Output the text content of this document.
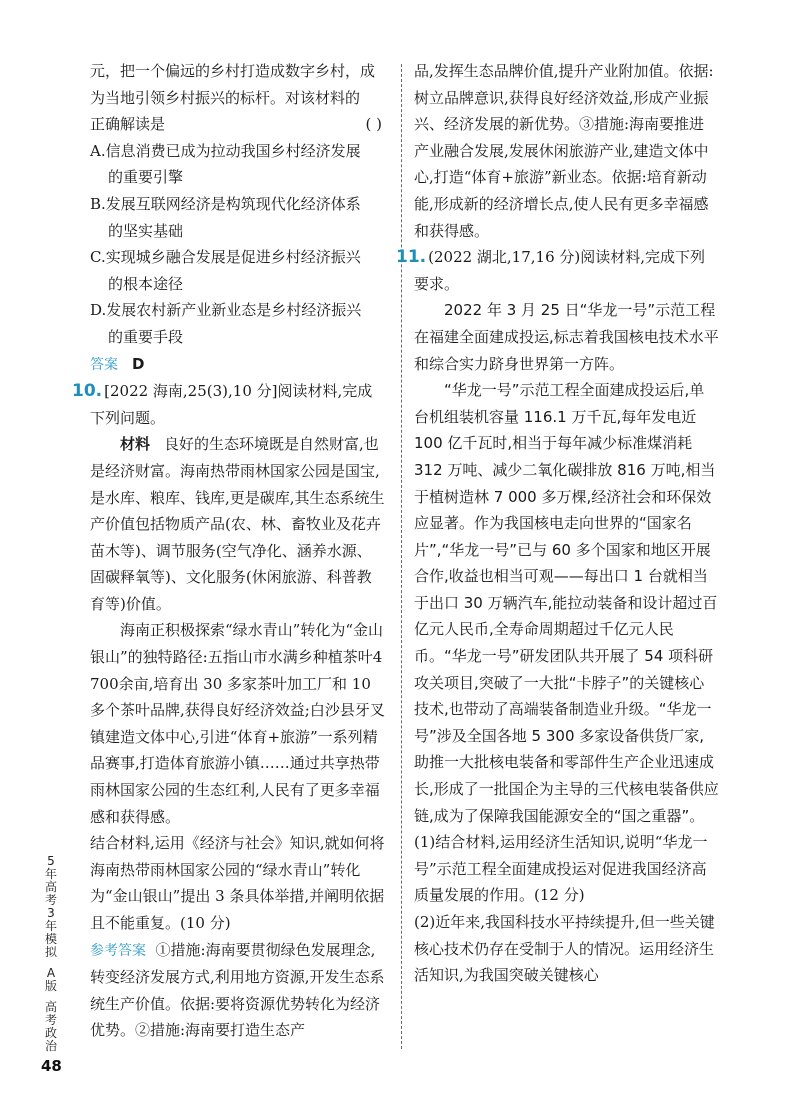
元，把一个偏远的乡村打造成数字乡村，成

为当地引领乡村振兴的标杆。对该材料的

正确解读是	( )

A.信息消费已成为拉动我国乡村经济发展
的重要引擎

B.发展互联网经济是构筑现代化经济体系
的坚实基础

C.实现城乡融合发展是促进乡村经济振兴
的根本途径

D.发展农村新产业新业态是乡村经济振兴
的重要手段

答案 D

10. [2022 海南,25(3),10 分]阅读材料,完成下列问题。

材料 良好的生态环境既是自然财富,也是经济财富。海南热带雨林国家公园是国宝,是水库、粮库、钱库,更是碳库,其生态系统生产价值包括物质产品(农、林、畜牧业及花卉苗木等)、调节服务(空气净化、涵养水源、固碳释氧等)、文化服务(休闲旅游、科普教育等)价值。

海南正积极探索“绿水青山”转化为“金山银山”的独特路径:五指山市水满乡种植茶叶4 700余亩,培育出 30 多家茶叶加工厂和 10 多个茶叶品牌,获得良好经济效益;白沙县牙叉镇建造文体中心,引进“体育+旅游”一系列精品赛事,打造体育旅游小镇……通过共享热带雨林国家公园的生态红利,人民有了更多幸福感和获得感。

结合材料,运用《经济与社会》知识,就如何将海南热带雨林国家公园的“绿水青山”转化为“金山银山”提出 3 条具体举措,并阐明依据且不能重复。(10 分)

参考答案 ①措施:海南要贯彻绿色发展理念,转变经济发展方式,利用地方资源,开发生态系统生产价值。依据:要将资源优势转化为经济优势。②措施:海南要打造生态产

品,发挥生态品牌价值,提升产业附加值。依据:树立品牌意识,获得良好经济效益,形成产业振兴、经济发展的新优势。③措施:海南要推进产业融合发展,发展休闲旅游产业,建造文体中心,打造“体育+旅游”新业态。依据:培育新动能,形成新的经济增长点,使人民有更多幸福感和获得感。

11. (2022 湖北,17,16 分)阅读材料,完成下列要求。

2022 年 3 月 25 日“华龙一号”示范工程在福建全面建成投运,标志着我国核电技术水平和综合实力跻身世界第一方阵。

“华龙一号”示范工程全面建成投运后,单台机组装机容量 116.1 万千瓦,每年发电近 100 亿千瓦时,相当于每年减少标准煤消耗 312 万吨、减少二氧化碳排放 816 万吨,相当于植树造林 7 000 多万棵,经济社会和环保效应显著。作为我国核电走向世界的“国家名片”,“华龙一号”已与 60 多个国家和地区开展合作,收益也相当可观——每出口 1 台就相当于出口 30 万辆汽车,能拉动装备和设计超过百亿元人民币,全寿命周期超过千亿元人民币。“华龙一号”研发团队共开展了 54 项科研攻关项目,突破了一大批“卡脖子”的关键核心技术,也带动了高端装备制造业升级。“华龙一号”涉及全国各地 5 300 多家设备供货厂家,助推一大批核电装备和零部件生产企业迅速成长,形成了一批国企为主导的三代核电装备供应链,成为了保障我国能源安全的“国之重器”。

(1)结合材料,运用经济生活知识,说明“华龙一号”示范工程全面建成投运对促进我国经济高质量发展的作用。(12 分)

(2)近年来,我国科技水平持续提升,但一些关键核心技术仍存在受制于人的情况。运用经济生活知识,为我国突破关键核心

5
年
高
考
3
年
模
拟
A
版
高
考
政
治
48
